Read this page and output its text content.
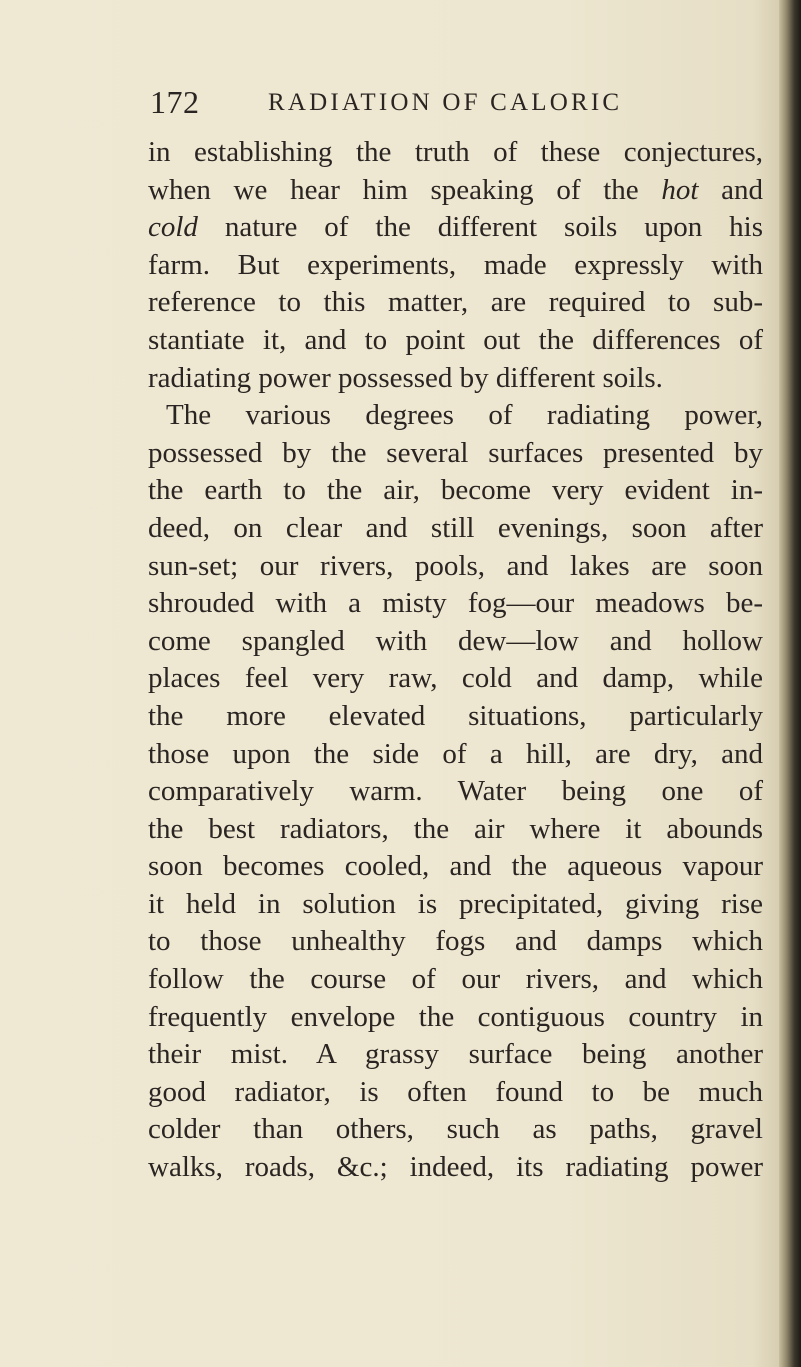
172	RADIATION OF CALORIC
in establishing the truth of these conjectures,
when we hear him speaking of the hot and
cold nature of the different soils upon his
farm. But experiments, made expressly with
reference to this matter, are required to sub-
stantiate it, and to point out the differences of
radiating power possessed by different soils.
The various degrees of radiating power,
possessed by the several surfaces presented by
the earth to the air, become very evident in-
deed, on clear and still evenings, soon after
sun-set; our rivers, pools, and lakes are soon
shrouded with a misty fog—our meadows be-
come spangled with dew—low and hollow
places feel very raw, cold and damp, while
the more elevated situations, particularly
those upon the side of a hill, are dry, and
comparatively warm. Water being one of
the best radiators, the air where it abounds
soon becomes cooled, and the aqueous vapour
it held in solution is precipitated, giving rise
to those unhealthy fogs and damps which
follow the course of our rivers, and which
frequently envelope the contiguous country in
their mist. A grassy surface being another
good radiator, is often found to be much
colder than others, such as paths, gravel
walks, roads, &c.; indeed, its radiating power
